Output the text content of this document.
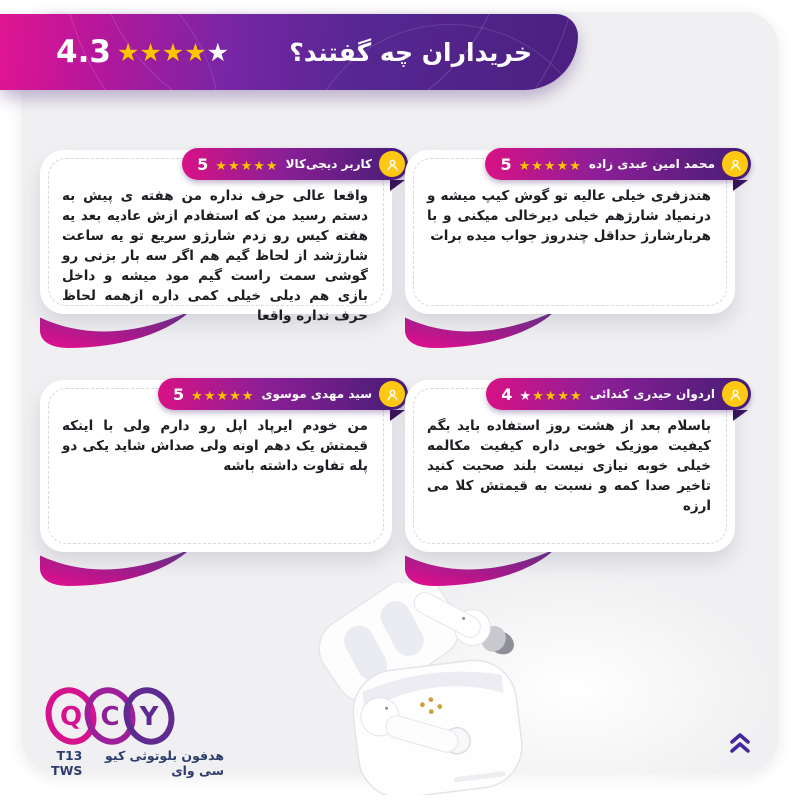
خریداران چه گفتند؟
4.3 ★★★★★

واقعا عالی حرف نداره من هفته ی پیش به دستم رسید من که استفادم ازش عادیه بعد یه هفته کیس رو زدم شارژو سریع تو یه ساعت شارژشد از لحاظ گیم هم اگر سه بار بزنی رو گوشی سمت راست گیم مود میشه و داخل بازی هم دیلی خیلی کمی داره ازهمه لحاظ حرف نداره واقعا

کاربر دیجی‌کالا
★★★★★
5

هندزفری خیلی عالیه تو گوش کیپ میشه و درنمیاد شارژهم خیلی دیرخالی میکنی و با هربارشارژ حداقل چندروز جواب میده برات

محمد امین عبدی زاده
★★★★★
5

من خودم ایرپاد اپل رو دارم ولی با اینکه قیمتش یک دهم اونه ولی صداش شاید یکی دو پله تفاوت داشته باشه

سید مهدی موسوی
★★★★★
5

باسلام بعد از هشت روز استفاده باید بگم کیفیت موزیک خوبی داره کیفیت مکالمه خیلی خوبه نیازی نیست بلند صحبت کنید تاخیر صدا کمه و نسبت به قیمتش کلا می ارزه

اردوان حیدری کندائی
★★★★★
4
Q C Y
هدفون بلوتوثی کیو سی وای
T13 TWS
